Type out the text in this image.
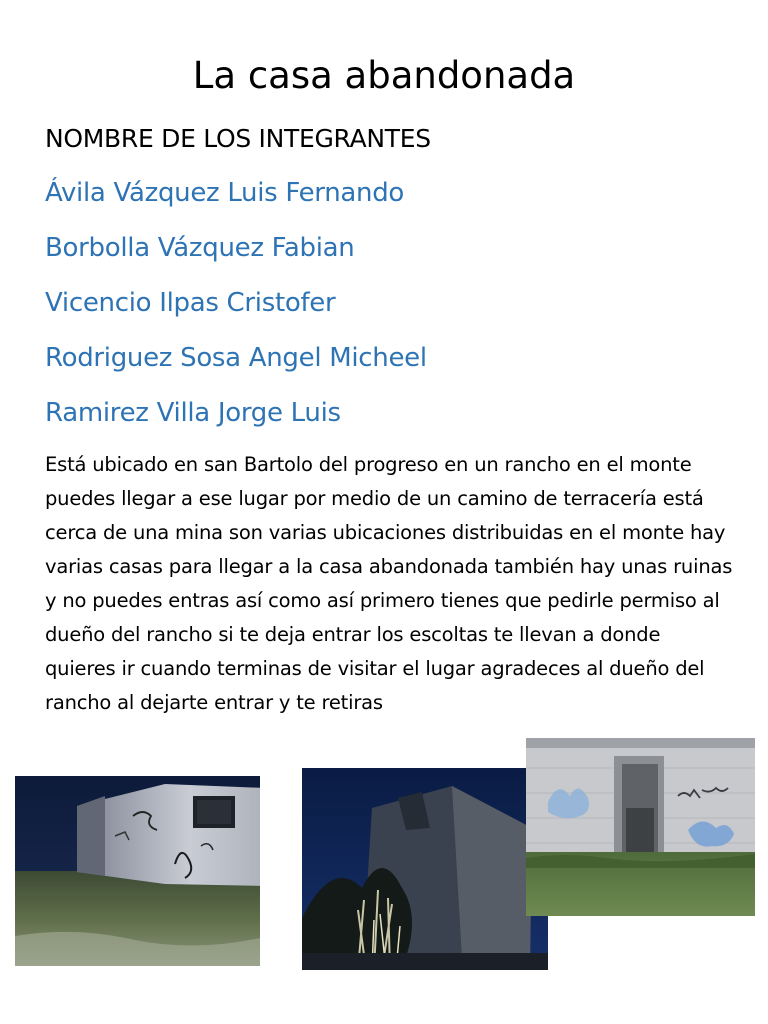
La casa abandonada
NOMBRE DE LOS INTEGRANTES
Ávila Vázquez Luis Fernando
Borbolla Vázquez Fabian
Vicencio Ilpas Cristofer
Rodriguez Sosa Angel Micheel
Ramirez Villa Jorge Luis

Está ubicado en san Bartolo del progreso en un rancho en el monte puedes llegar a ese lugar por medio de un camino de terracería está cerca de una mina son varias ubicaciones distribuidas en el monte hay varias casas para llegar a la casa abandonada también hay unas ruinas y no puedes entras así como así primero tienes que pedirle permiso al dueño del rancho si te deja entrar los escoltas te llevan a donde quieres ir cuando terminas de visitar el lugar agradeces al dueño del rancho al dejarte entrar y te retiras
